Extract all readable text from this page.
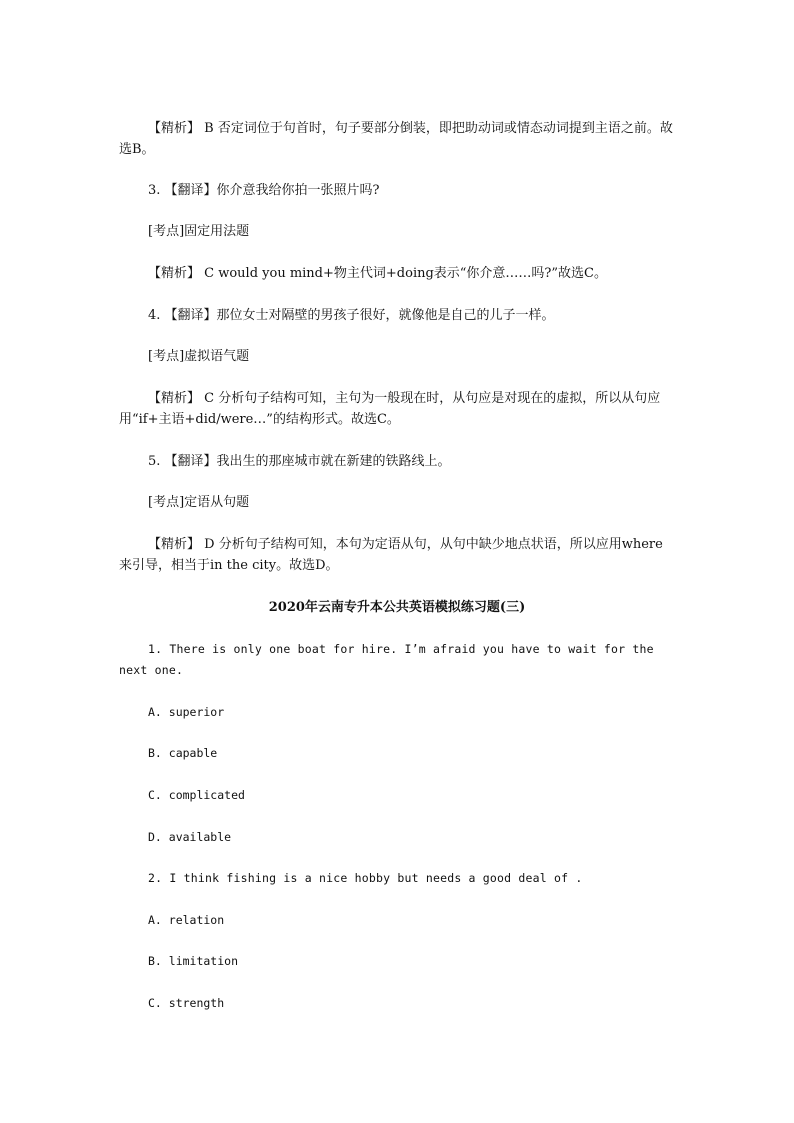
【精析】 B 否定词位于句首时，句子要部分倒装，即把助动词或情态动词提到主语之前。故选B。

3. 【翻译】你介意我给你拍一张照片吗?

[考点]固定用法题

【精析】 C would you mind+物主代词+doing表示“你介意……吗?”故选C。

4. 【翻译】那位女士对隔壁的男孩子很好，就像他是自己的儿子一样。

[考点]虚拟语气题

【精析】 C 分析句子结构可知，主句为一般现在时，从句应是对现在的虚拟，所以从句应用“if+主语+did/were…”的结构形式。故选C。

5. 【翻译】我出生的那座城市就在新建的铁路线上。

[考点]定语从句题

【精析】 D 分析句子结构可知，本句为定语从句，从句中缺少地点状语，所以应用where来引导，相当于in the city。故选D。

2020年云南专升本公共英语模拟练习题(三)

1. There is only one boat for hire. I’m afraid you have to wait for the next one.

A. superior

B. capable

C. complicated

D. available

2. I think fishing is a nice hobby but needs a good deal of .

A. relation

B. limitation

C. strength
